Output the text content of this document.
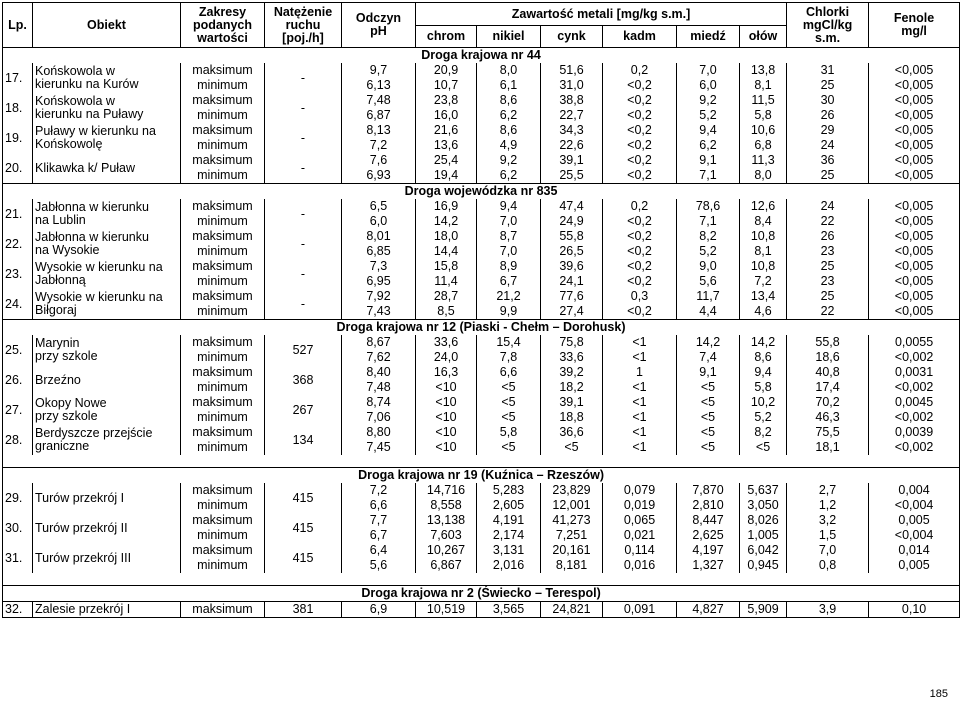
Lp.	Obiekt	Zakresy
podanych
wartości	Natężenie
ruchu
[poj./h]	Odczyn
pH	Zawartość metali [mg/kg s.m.]						Chlorki
mgCl/kg
s.m.	Fenole
mg/l
					chrom	nikiel	cynk	kadm	miedź	ołów		
Droga krajowa nr 44												
17.	Końskowola w
kierunku na Kurów	maksimum	-	9,7	20,9	8,0	51,6	0,2	7,0	13,8	31	<0,005
		minimum		6,13	10,7	6,1	31,0	<0,2	6,0	8,1	25	<0,005
18.	Końskowola w
kierunku na Puławy	maksimum	-	7,48	23,8	8,6	38,8	<0,2	9,2	11,5	30	<0,005
		minimum		6,87	16,0	6,2	22,7	<0,2	5,2	5,8	26	<0,005
19.	Puławy w kierunku na
Końskowolę	maksimum	-	8,13	21,6	8,6	34,3	<0,2	9,4	10,6	29	<0,005
		minimum		7,2	13,6	4,9	22,6	<0,2	6,2	6,8	24	<0,005
20.	Klikawka k/ Puław	maksimum	-	7,6	25,4	9,2	39,1	<0,2	9,1	11,3	36	<0,005
		minimum		6,93	19,4	6,2	25,5	<0,2	7,1	8,0	25	<0,005
Droga wojewódzka nr 835												
21.	Jabłonna w kierunku
na Lublin	maksimum	-	6,5	16,9	9,4	47,4	0,2	78,6	12,6	24	<0,005
		minimum		6,0	14,2	7,0	24,9	<0,2	7,1	8,4	22	<0,005
22.	Jabłonna w kierunku
na Wysokie	maksimum	-	8,01	18,0	8,7	55,8	<0,2	8,2	10,8	26	<0,005
		minimum		6,85	14,4	7,0	26,5	<0,2	5,2	8,1	23	<0,005
23.	Wysokie w kierunku na
Jabłonną	maksimum	-	7,3	15,8	8,9	39,6	<0,2	9,0	10,8	25	<0,005
		minimum		6,95	11,4	6,7	24,1	<0,2	5,6	7,2	23	<0,005
24.	Wysokie w kierunku na
Biłgoraj	maksimum	-	7,92	28,7	21,2	77,6	0,3	11,7	13,4	25	<0,005
		minimum		7,43	8,5	9,9	27,4	<0,2	4,4	4,6	22	<0,005
Droga krajowa nr 12 (Piaski - Chełm – Dorohusk)												
25.	Marynin
przy szkole	maksimum	527	8,67	33,6	15,4	75,8	<1	14,2	14,2	55,8	0,0055
		minimum		7,62	24,0	7,8	33,6	<1	7,4	8,6	18,6	<0,002
26.	Brzeźno	maksimum	368	8,40	16,3	6,6	39,2	1	9,1	9,4	40,8	0,0031
		minimum		7,48	<10	<5	18,2	<1	<5	5,8	17,4	<0,002
27.	Okopy Nowe
przy szkole	maksimum	267	8,74	<10	<5	39,1	<1	<5	10,2	70,2	0,0045
		minimum		7,06	<10	<5	18,8	<1	<5	5,2	46,3	<0,002
28.	Berdyszcze przejście
graniczne	maksimum	134	8,80	<10	5,8	36,6	<1	<5	8,2	75,5	0,0039
		minimum		7,45	<10	<5	<5	<1	<5	<5	18,1	<0,002

Droga krajowa nr 19 (Kuźnica – Rzeszów)												
29.	Turów przekrój I	maksimum	415	7,2	14,716	5,283	23,829	0,079	7,870	5,637	2,7	0,004
		minimum		6,6	8,558	2,605	12,001	0,019	2,810	3,050	1,2	<0,004
30.	Turów przekrój II	maksimum	415	7,7	13,138	4,191	41,273	0,065	8,447	8,026	3,2	0,005
		minimum		6,7	7,603	2,174	7,251	0,021	2,625	1,005	1,5	<0,004
31.	Turów przekrój III	maksimum	415	6,4	10,267	3,131	20,161	0,114	4,197	6,042	7,0	0,014
		minimum		5,6	6,867	2,016	8,181	0,016	1,327	0,945	0,8	0,005

Droga krajowa nr 2 (Świecko – Terespol)												
32.	Zalesie przekrój I	maksimum	381	6,9	10,519	3,565	24,821	0,091	4,827	5,909	3,9	0,10
185
